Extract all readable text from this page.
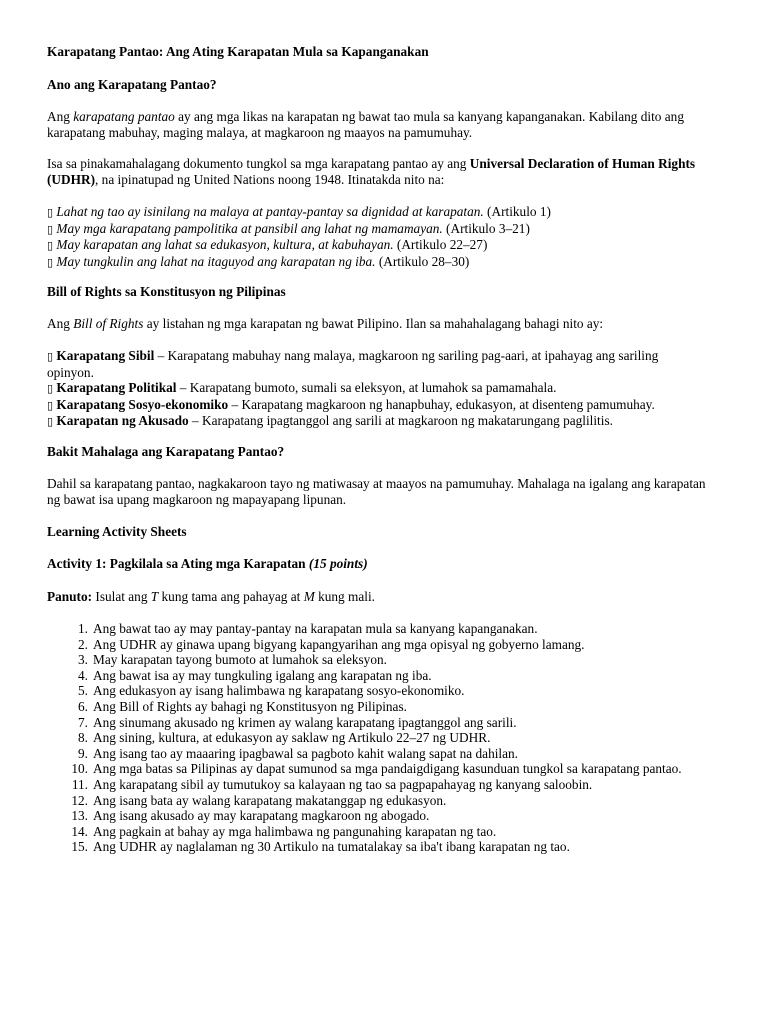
Karapatang Pantao: Ang Ating Karapatan Mula sa Kapanganakan

Ano ang Karapatang Pantao?

Ang karapatang pantao ay ang mga likas na karapatan ng bawat tao mula sa kanyang kapanganakan. Kabilang dito ang karapatang mabuhay, maging malaya, at magkaroon ng maayos na pamumuhay.

Isa sa pinakamahalagang dokumento tungkol sa mga karapatang pantao ay ang Universal Declaration of Human Rights (UDHR), na ipinatupad ng United Nations noong 1948. Itinatakda nito na:

▯ Lahat ng tao ay isinilang na malaya at pantay-pantay sa dignidad at karapatan. (Artikulo 1)
▯ May mga karapatang pampolitika at pansibil ang lahat ng mamamayan. (Artikulo 3–21)
▯ May karapatan ang lahat sa edukasyon, kultura, at kabuhayan. (Artikulo 22–27)
▯ May tungkulin ang lahat na itaguyod ang karapatan ng iba. (Artikulo 28–30)

Bill of Rights sa Konstitusyon ng Pilipinas

Ang Bill of Rights ay listahan ng mga karapatan ng bawat Pilipino. Ilan sa mahahalagang bahagi nito ay:

▯ Karapatang Sibil – Karapatang mabuhay nang malaya, magkaroon ng sariling pag-aari, at ipahayag ang sariling opinyon.
▯ Karapatang Politikal – Karapatang bumoto, sumali sa eleksyon, at lumahok sa pamamahala.
▯ Karapatang Sosyo-ekonomiko – Karapatang magkaroon ng hanapbuhay, edukasyon, at disenteng pamumuhay.
▯ Karapatan ng Akusado – Karapatang ipagtanggol ang sarili at magkaroon ng makatarungang paglilitis.

Bakit Mahalaga ang Karapatang Pantao?

Dahil sa karapatang pantao, nagkakaroon tayo ng matiwasay at maayos na pamumuhay. Mahalaga na igalang ang karapatan ng bawat isa upang magkaroon ng mapayapang lipunan.

Learning Activity Sheets

Activity 1: Pagkilala sa Ating mga Karapatan (15 points)

Panuto: Isulat ang T kung tama ang pahayag at M kung mali.

1. Ang bawat tao ay may pantay-pantay na karapatan mula sa kanyang kapanganakan.
2. Ang UDHR ay ginawa upang bigyang kapangyarihan ang mga opisyal ng gobyerno lamang.
3. May karapatan tayong bumoto at lumahok sa eleksyon.
4. Ang bawat isa ay may tungkuling igalang ang karapatan ng iba.
5. Ang edukasyon ay isang halimbawa ng karapatang sosyo-ekonomiko.
6. Ang Bill of Rights ay bahagi ng Konstitusyon ng Pilipinas.
7. Ang sinumang akusado ng krimen ay walang karapatang ipagtanggol ang sarili.
8. Ang sining, kultura, at edukasyon ay saklaw ng Artikulo 22–27 ng UDHR.
9. Ang isang tao ay maaaring ipagbawal sa pagboto kahit walang sapat na dahilan.
10. Ang mga batas sa Pilipinas ay dapat sumunod sa mga pandaigdigang kasunduan tungkol sa karapatang pantao.
11. Ang karapatang sibil ay tumutukoy sa kalayaan ng tao sa pagpapahayag ng kanyang saloobin.
12. Ang isang bata ay walang karapatang makatanggap ng edukasyon.
13. Ang isang akusado ay may karapatang magkaroon ng abogado.
14. Ang pagkain at bahay ay mga halimbawa ng pangunahing karapatan ng tao.
15. Ang UDHR ay naglalaman ng 30 Artikulo na tumatalakay sa iba't ibang karapatan ng tao.
